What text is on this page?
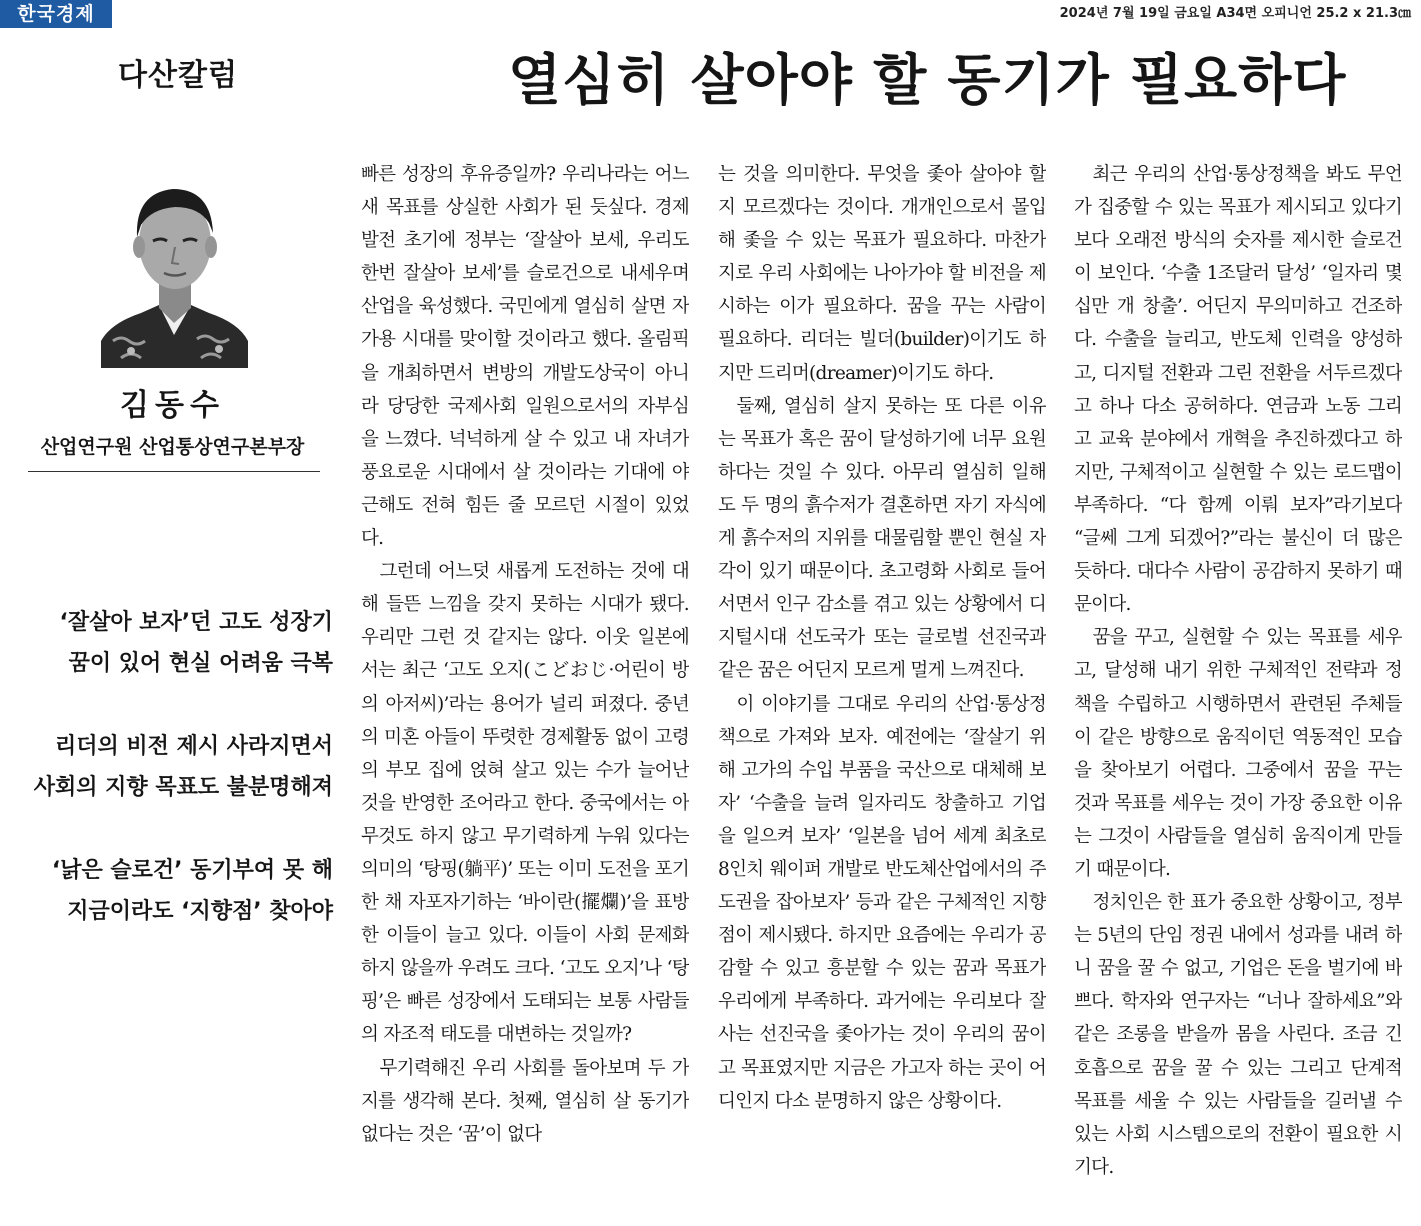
한국경제	2024년 7월 19일 금요일 A34면 오피니언 25.2 x 21.3㎝
다산칼럼	열심히 살아야 할 동기가 필요하다
김동수
산업연구원 산업통상연구본부장
‘잘살아 보자’던 고도 성장기
꿈이 있어 현실 어려움 극복
리더의 비전 제시 사라지면서
사회의 지향 목표도 불분명해져
‘낡은 슬로건’ 동기부여 못 해
지금이라도 ‘지향점’ 찾아야

빠른 성장의 후유증일까? 우리나라는 어느새 목표를 상실한 사회가 된 듯싶다. 경제발전 초기에 정부는 ‘잘살아 보세, 우리도 한번 잘살아 보세’를 슬로건으로 내세우며 산업을 육성했다. 국민에게 열심히 살면 자가용 시대를 맞이할 것이라고 했다. 올림픽을 개최하면서 변방의 개발도상국이 아니라 당당한 국제사회 일원으로서의 자부심을 느꼈다. 넉넉하게 살 수 있고 내 자녀가 풍요로운 시대에서 살 것이라는 기대에 야근해도 전혀 힘든 줄 모르던 시절이 있었다.

그런데 어느덧 새롭게 도전하는 것에 대해 들뜬 느낌을 갖지 못하는 시대가 됐다. 우리만 그런 것 같지는 않다. 이웃 일본에서는 최근 ‘고도 오지(こどおじ·어린이 방의 아저씨)’라는 용어가 널리 퍼졌다. 중년의 미혼 아들이 뚜렷한 경제활동 없이 고령의 부모 집에 얹혀 살고 있는 수가 늘어난 것을 반영한 조어라고 한다. 중국에서는 아무것도 하지 않고 무기력하게 누워 있다는 의미의 ‘탕핑(躺平)’ 또는 이미 도전을 포기한 채 자포자기하는 ‘바이란(擺爛)’을 표방한 이들이 늘고 있다. 이들이 사회 문제화하지 않을까 우려도 크다. ‘고도 오지’나 ‘탕핑’은 빠른 성장에서 도태되는 보통 사람들의 자조적 태도를 대변하는 것일까?

무기력해진 우리 사회를 돌아보며 두 가지를 생각해 본다. 첫째, 열심히 살 동기가 없다는 것은 ‘꿈’이 없다

는 것을 의미한다. 무엇을 좇아 살아야 할지 모르겠다는 것이다. 개개인으로서 몰입해 좇을 수 있는 목표가 필요하다. 마찬가지로 우리 사회에는 나아가야 할 비전을 제시하는 이가 필요하다. 꿈을 꾸는 사람이 필요하다. 리더는 빌더(builder)이기도 하지만 드리머(dreamer)이기도 하다.

둘째, 열심히 살지 못하는 또 다른 이유는 목표가 혹은 꿈이 달성하기에 너무 요원하다는 것일 수 있다. 아무리 열심히 일해도 두 명의 흙수저가 결혼하면 자기 자식에게 흙수저의 지위를 대물림할 뿐인 현실 자각이 있기 때문이다. 초고령화 사회로 들어서면서 인구 감소를 겪고 있는 상황에서 디지털시대 선도국가 또는 글로벌 선진국과 같은 꿈은 어딘지 모르게 멀게 느껴진다.

이 이야기를 그대로 우리의 산업·통상정책으로 가져와 보자. 예전에는 ‘잘살기 위해 고가의 수입 부품을 국산으로 대체해 보자’ ‘수출을 늘려 일자리도 창출하고 기업을 일으켜 보자’ ‘일본을 넘어 세계 최초로 8인치 웨이퍼 개발로 반도체산업에서의 주도권을 잡아보자’ 등과 같은 구체적인 지향점이 제시됐다. 하지만 요즘에는 우리가 공감할 수 있고 흥분할 수 있는 꿈과 목표가 우리에게 부족하다. 과거에는 우리보다 잘사는 선진국을 좇아가는 것이 우리의 꿈이고 목표였지만 지금은 가고자 하는 곳이 어디인지 다소 분명하지 않은 상황이다.

최근 우리의 산업·통상정책을 봐도 무언가 집중할 수 있는 목표가 제시되고 있다기보다 오래전 방식의 숫자를 제시한 슬로건이 보인다. ‘수출 1조달러 달성’ ‘일자리 몇십만 개 창출’. 어딘지 무의미하고 건조하다. 수출을 늘리고, 반도체 인력을 양성하고, 디지털 전환과 그린 전환을 서두르겠다고 하나 다소 공허하다. 연금과 노동 그리고 교육 분야에서 개혁을 추진하겠다고 하지만, 구체적이고 실현할 수 있는 로드맵이 부족하다. “다 함께 이뤄 보자”라기보다 “글쎄 그게 되겠어?”라는 불신이 더 많은 듯하다. 대다수 사람이 공감하지 못하기 때문이다.

꿈을 꾸고, 실현할 수 있는 목표를 세우고, 달성해 내기 위한 구체적인 전략과 정책을 수립하고 시행하면서 관련된 주체들이 같은 방향으로 움직이던 역동적인 모습을 찾아보기 어렵다. 그중에서 꿈을 꾸는 것과 목표를 세우는 것이 가장 중요한 이유는 그것이 사람들을 열심히 움직이게 만들기 때문이다.

정치인은 한 표가 중요한 상황이고, 정부는 5년의 단임 정권 내에서 성과를 내려 하니 꿈을 꿀 수 없고, 기업은 돈을 벌기에 바쁘다. 학자와 연구자는 “너나 잘하세요”와 같은 조롱을 받을까 몸을 사린다. 조금 긴 호흡으로 꿈을 꿀 수 있는 그리고 단계적 목표를 세울 수 있는 사람들을 길러낼 수 있는 사회 시스템으로의 전환이 필요한 시기다.
